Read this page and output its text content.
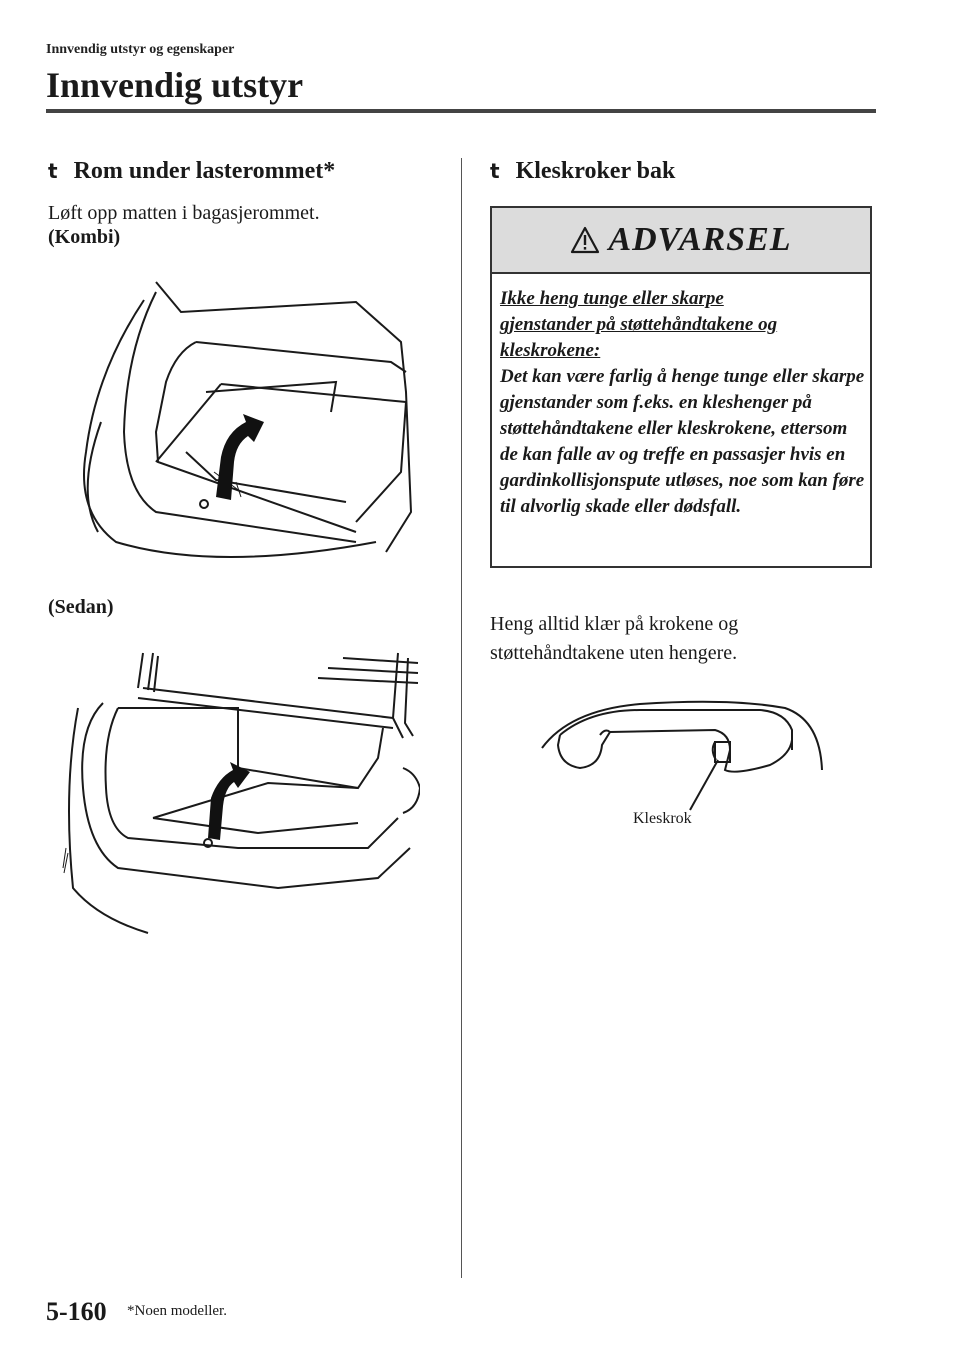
Innvendig utstyr og egenskaper
Innvendig utstyr
t Rom under lasterommet*
Løft opp matten i bagasjerommet.
(Kombi)
(Sedan)
t Kleskroker bak
ADVARSEL
Ikke heng tunge eller skarpe
gjenstander på støttehåndtakene og
kleskrokene:
Det kan være farlig å henge tunge eller skarpe gjenstander som f.eks. en kleshenger på støttehåndtakene eller kleskrokene, ettersom de kan falle av og treffe en passasjer hvis en gardinkollisjonspute utløses, noe som kan føre til alvorlig skade eller dødsfall.
Heng alltid klær på krokene og
støttehåndtakene uten hengere.
Kleskrok
5-160 *Noen modeller.
